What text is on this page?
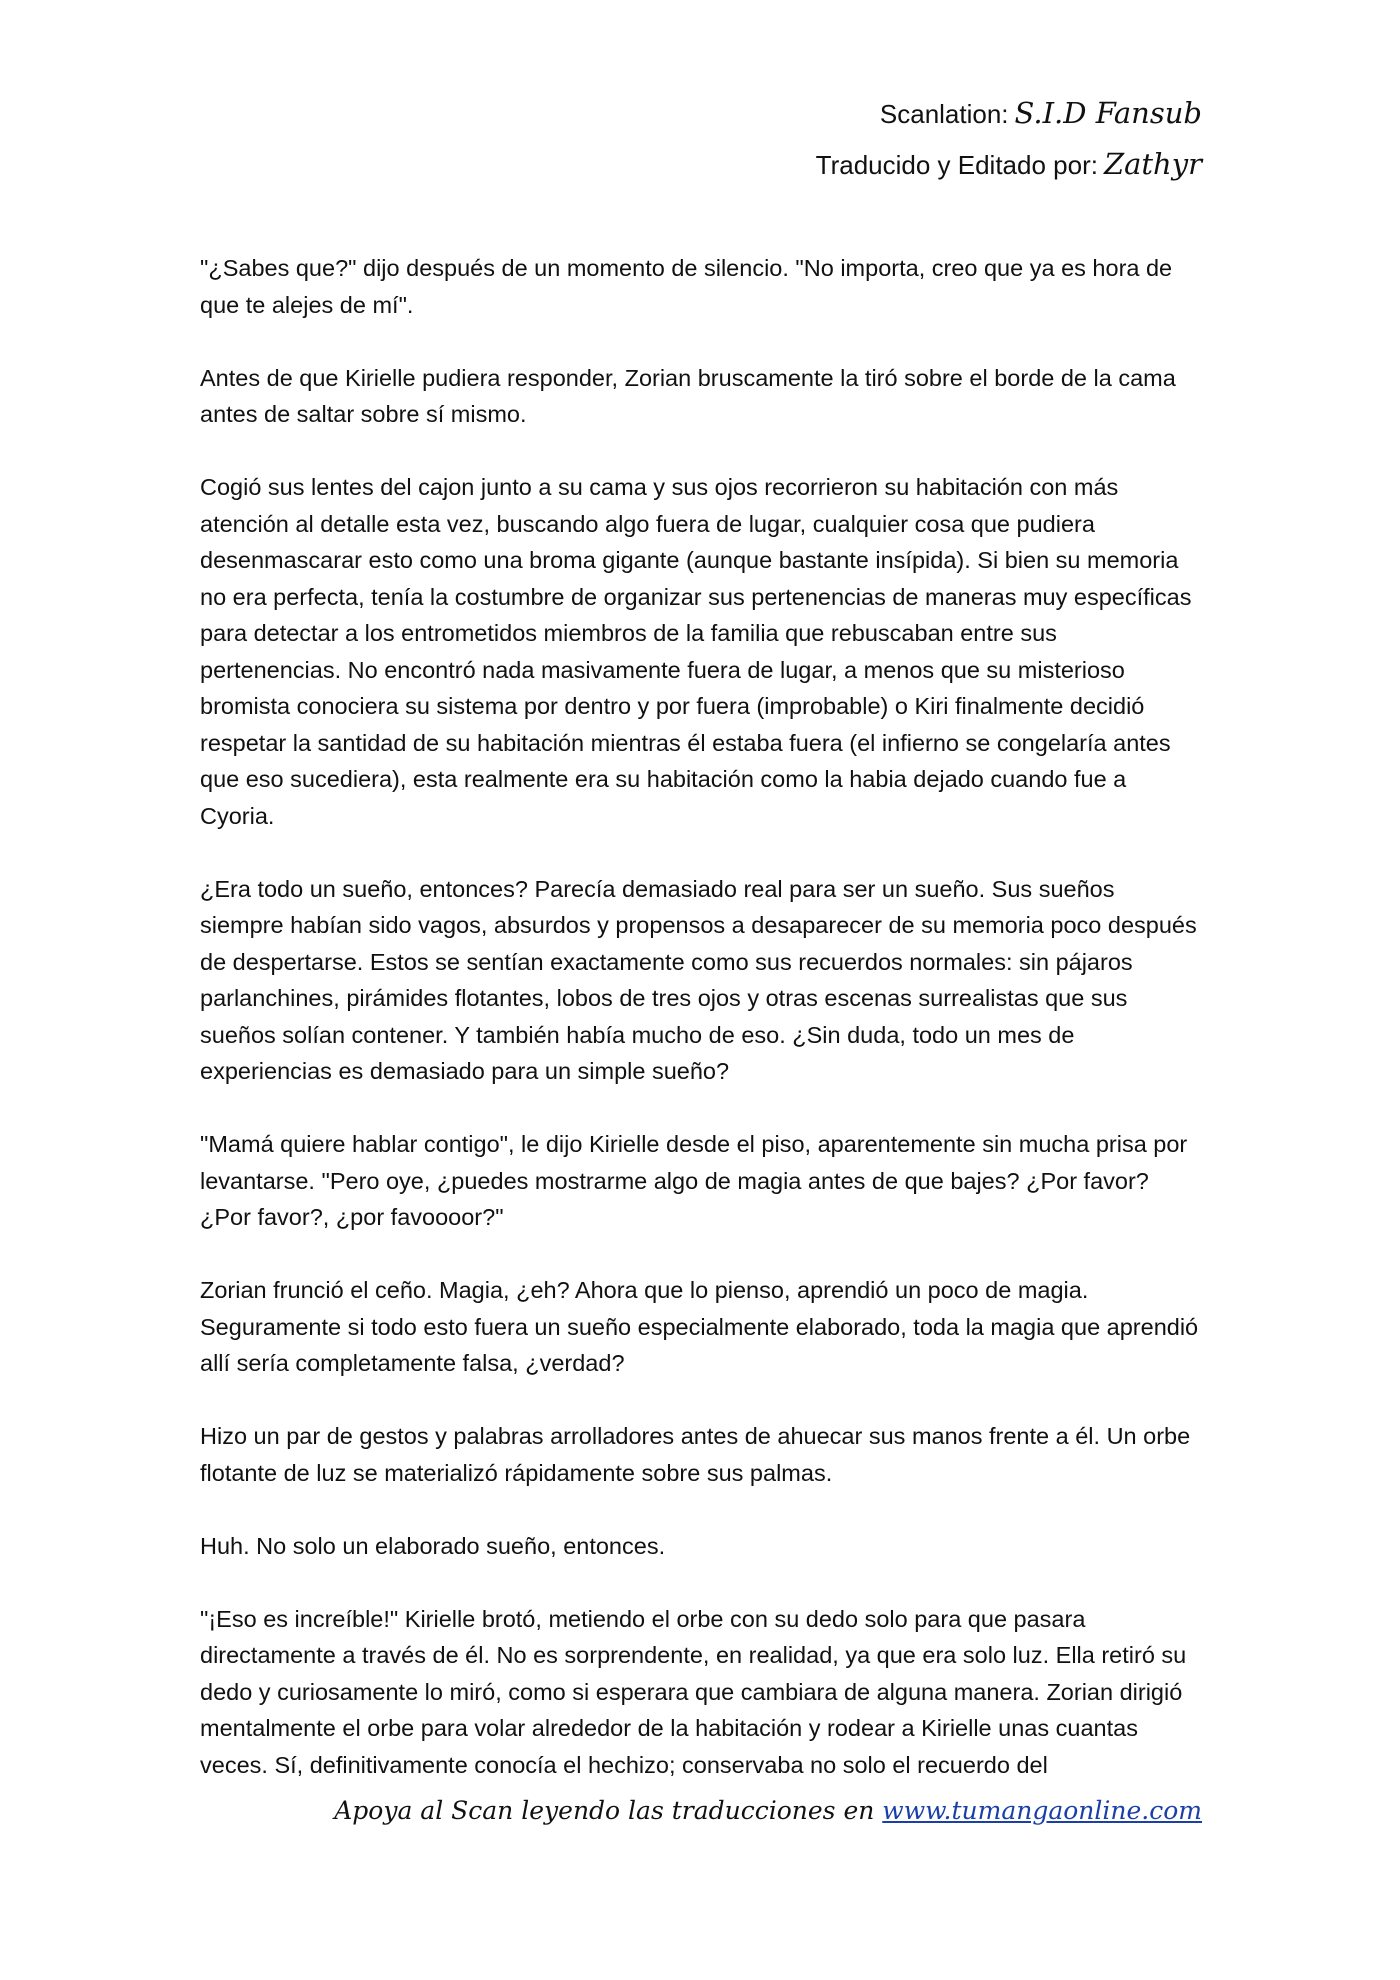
Scanlation: S.I.D Fansub
Traducido y Editado por: Zathyr

"¿Sabes que?" dijo después de un momento de silencio. "No importa, creo que ya es hora de que te alejes de mí".

Antes de que Kirielle pudiera responder, Zorian bruscamente la tiró sobre el borde de la cama antes de saltar sobre sí mismo.

Cogió sus lentes del cajon junto a su cama y sus ojos recorrieron su habitación con más atención al detalle esta vez, buscando algo fuera de lugar, cualquier cosa que pudiera desenmascarar esto como una broma gigante (aunque bastante insípida). Si bien su memoria no era perfecta, tenía la costumbre de organizar sus pertenencias de maneras muy específicas para detectar a los entrometidos miembros de la familia que rebuscaban entre sus pertenencias. No encontró nada masivamente fuera de lugar, a menos que su misterioso bromista conociera su sistema por dentro y por fuera (improbable) o Kiri finalmente decidió respetar la santidad de su habitación mientras él estaba fuera (el infierno se congelaría antes que eso sucediera), esta realmente era su habitación como la habia dejado cuando fue a Cyoria.

¿Era todo un sueño, entonces? Parecía demasiado real para ser un sueño. Sus sueños siempre habían sido vagos, absurdos y propensos a desaparecer de su memoria poco después de despertarse. Estos se sentían exactamente como sus recuerdos normales: sin pájaros parlanchines, pirámides flotantes, lobos de tres ojos y otras escenas surrealistas que sus sueños solían contener. Y también había mucho de eso. ¿Sin duda, todo un mes de experiencias es demasiado para un simple sueño?

"Mamá quiere hablar contigo", le dijo Kirielle desde el piso, aparentemente sin mucha prisa por levantarse. "Pero oye, ¿puedes mostrarme algo de magia antes de que bajes? ¿Por favor? ¿Por favor?, ¿por favoooor?"

Zorian frunció el ceño. Magia, ¿eh? Ahora que lo pienso, aprendió un poco de magia. Seguramente si todo esto fuera un sueño especialmente elaborado, toda la magia que aprendió allí sería completamente falsa, ¿verdad?

Hizo un par de gestos y palabras arrolladores antes de ahuecar sus manos frente a él. Un orbe flotante de luz se materializó rápidamente sobre sus palmas.

Huh. No solo un elaborado sueño, entonces.

"¡Eso es increíble!" Kirielle brotó, metiendo el orbe con su dedo solo para que pasara directamente a través de él. No es sorprendente, en realidad, ya que era solo luz. Ella retiró su dedo y curiosamente lo miró, como si esperara que cambiara de alguna manera. Zorian dirigió mentalmente el orbe para volar alrededor de la habitación y rodear a Kirielle unas cuantas veces. Sí, definitivamente conocía el hechizo; conservaba no solo el recuerdo del

Apoya al Scan leyendo las traducciones en www.tumangaonline.com
